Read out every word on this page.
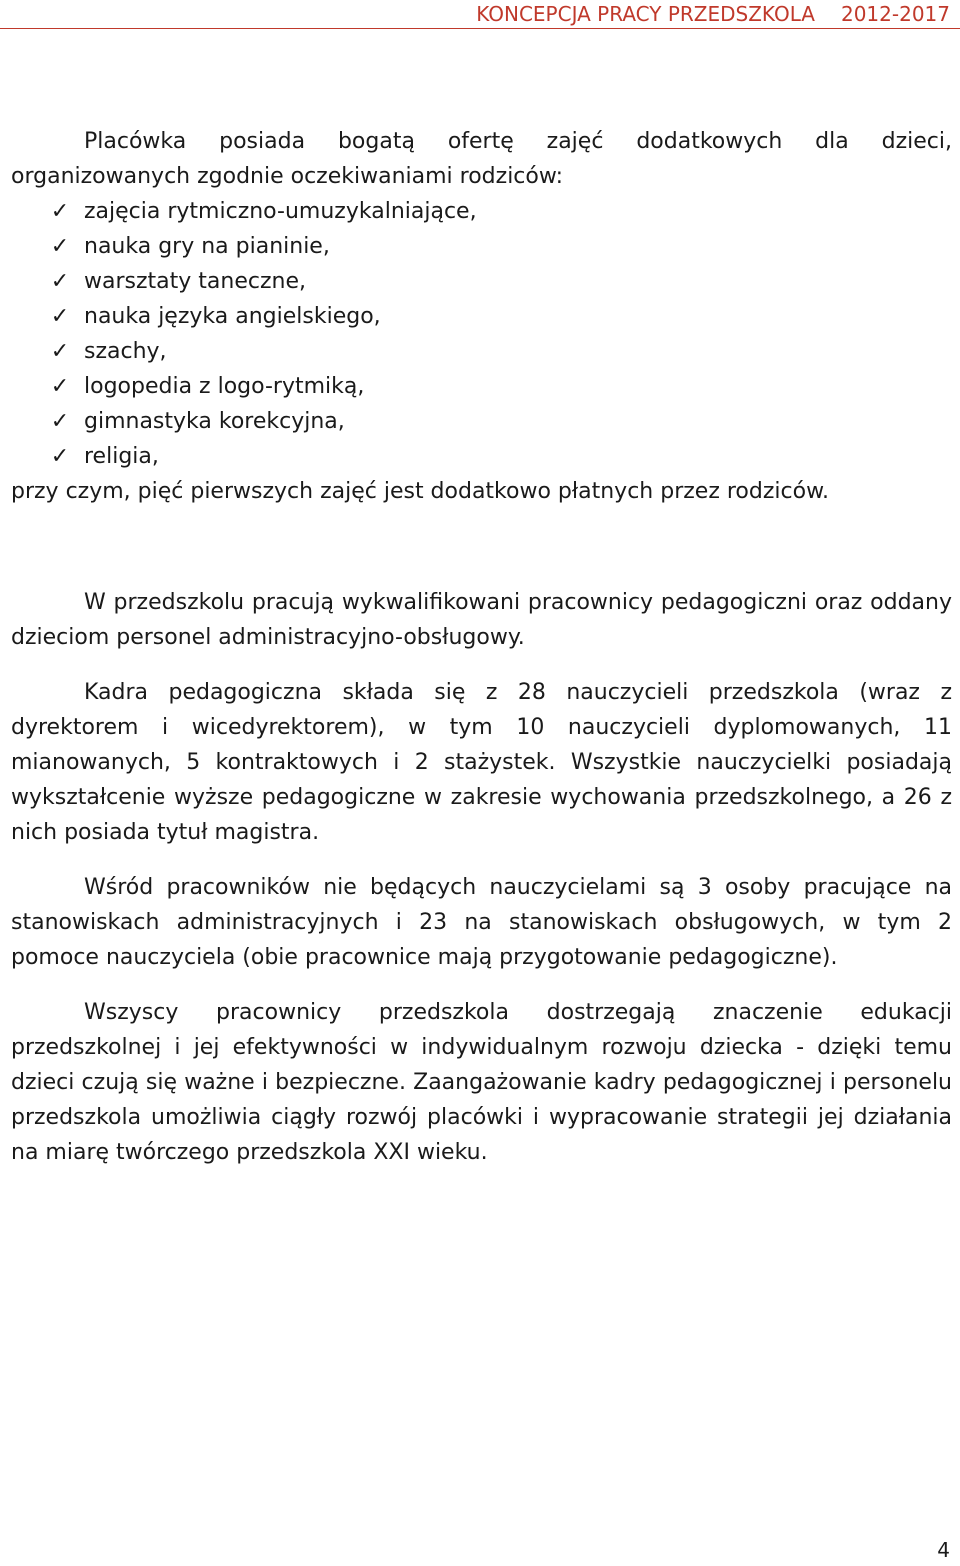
KONCEPCJA PRACY PRZEDSZKOLA 2012-2017

Placówka posiada bogatą ofertę zajęć dodatkowych dla dzieci, organizowanych zgodnie oczekiwaniami rodziców:

✓ zajęcia rytmiczno-umuzykalniające,
✓ nauka gry na pianinie,
✓ warsztaty taneczne,
✓ nauka języka angielskiego,
✓ szachy,
✓ logopedia z logo-rytmiką,
✓ gimnastyka korekcyjna,
✓ religia,

przy czym, pięć pierwszych zajęć jest dodatkowo płatnych przez rodziców.

W przedszkolu pracują wykwalifikowani pracownicy pedagogiczni oraz oddany dzieciom personel administracyjno-obsługowy.

Kadra pedagogiczna składa się z 28 nauczycieli przedszkola (wraz z dyrektorem i wicedyrektorem), w tym 10 nauczycieli dyplomowanych, 11 mianowanych, 5 kontraktowych i 2 stażystek. Wszystkie nauczycielki posiadają wykształcenie wyższe pedagogiczne w zakresie wychowania przedszkolnego, a 26 z nich posiada tytuł magistra.

Wśród pracowników nie będących nauczycielami są 3 osoby pracujące na stanowiskach administracyjnych i 23 na stanowiskach obsługowych, w tym 2 pomoce nauczyciela (obie pracownice mają przygotowanie pedagogiczne).

Wszyscy pracownicy przedszkola dostrzegają znaczenie edukacji przedszkolnej i jej efektywności w indywidualnym rozwoju dziecka - dzięki temu dzieci czują się ważne i bezpieczne. Zaangażowanie kadry pedagogicznej i personelu przedszkola umożliwia ciągły rozwój placówki i wypracowanie strategii jej działania na miarę twórczego przedszkola XXI wieku.

4
